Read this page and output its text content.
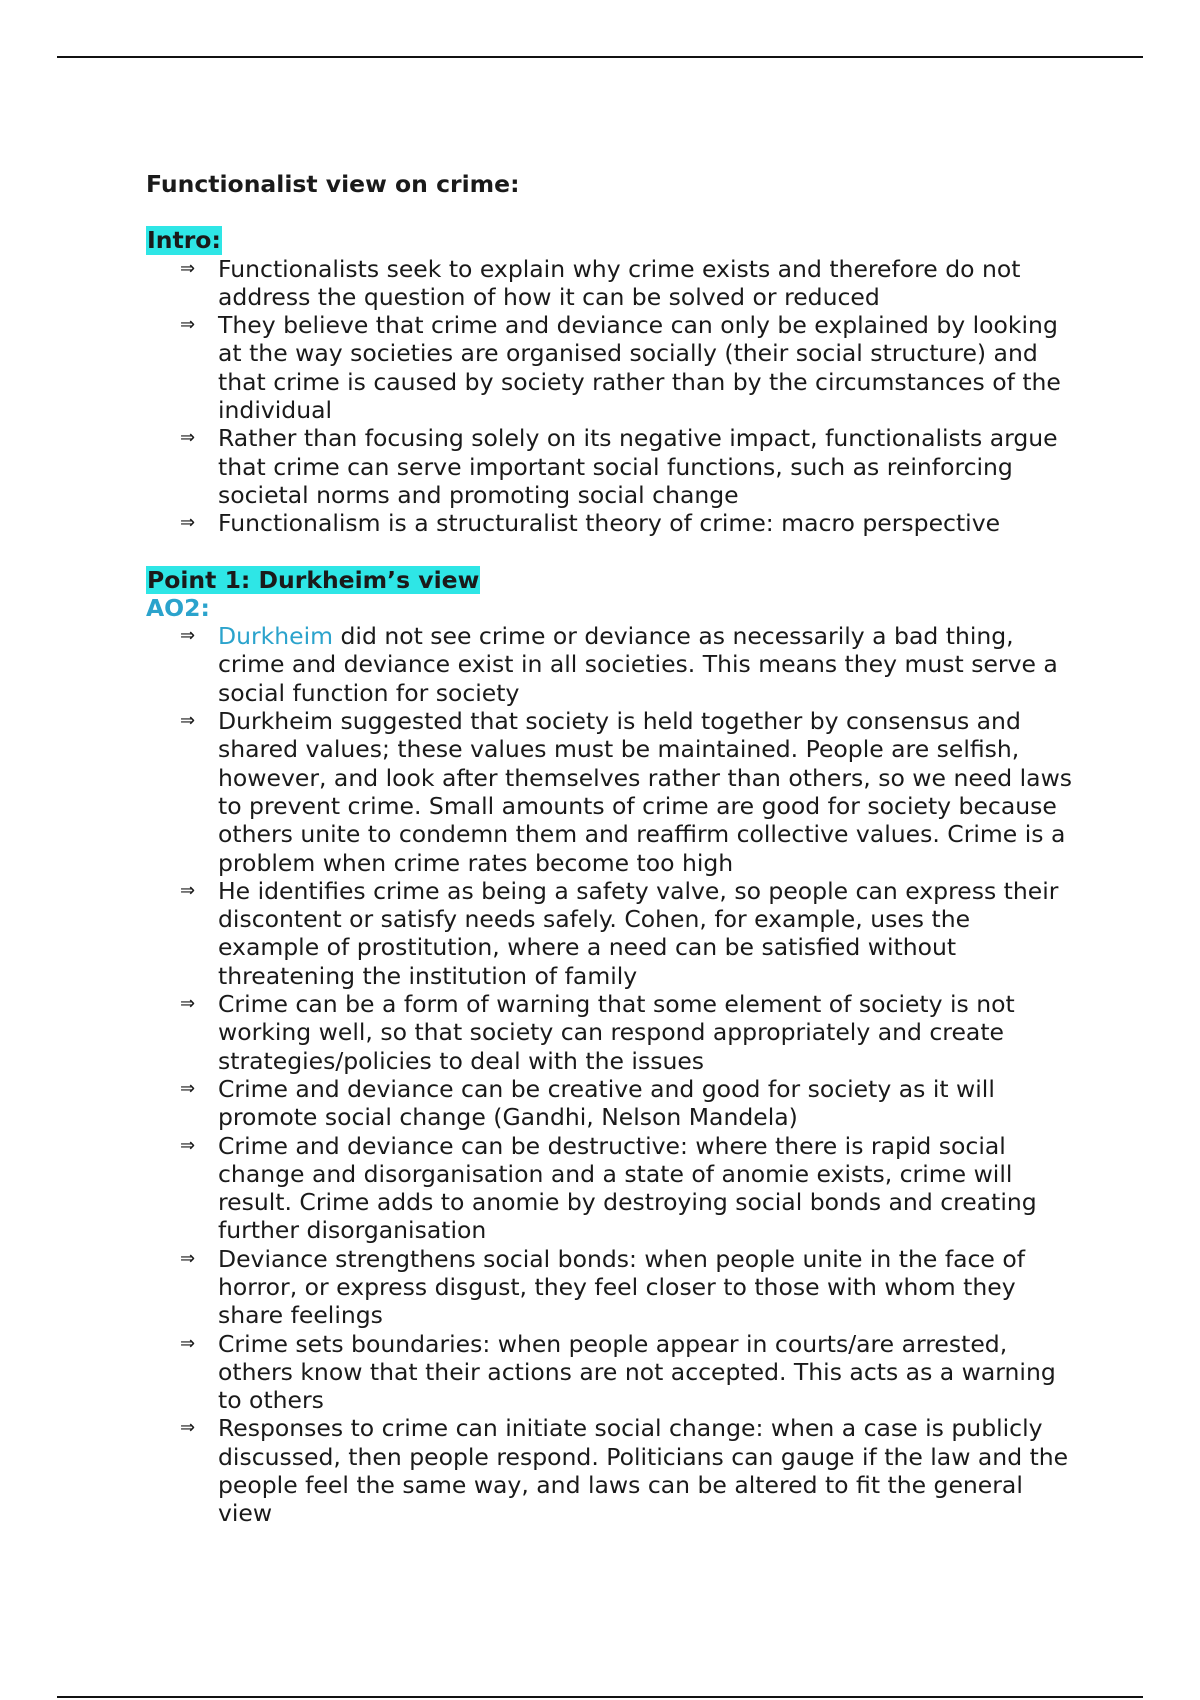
Functionalist view on crime:
Intro:
⇒ Functionalists seek to explain why crime exists and therefore do not address the question of how it can be solved or reduced
⇒ They believe that crime and deviance can only be explained by looking at the way societies are organised socially (their social structure) and that crime is caused by society rather than by the circumstances of the individual
⇒ Rather than focusing solely on its negative impact, functionalists argue that crime can serve important social functions, such as reinforcing societal norms and promoting social change
⇒ Functionalism is a structuralist theory of crime: macro perspective
Point 1: Durkheim’s view
AO2:
⇒ Durkheim did not see crime or deviance as necessarily a bad thing, crime and deviance exist in all societies. This means they must serve a social function for society
⇒ Durkheim suggested that society is held together by consensus and shared values; these values must be maintained. People are selfish, however, and look after themselves rather than others, so we need laws to prevent crime. Small amounts of crime are good for society because others unite to condemn them and reaffirm collective values. Crime is a problem when crime rates become too high
⇒ He identifies crime as being a safety valve, so people can express their discontent or satisfy needs safely. Cohen, for example, uses the example of prostitution, where a need can be satisfied without threatening the institution of family
⇒ Crime can be a form of warning that some element of society is not working well, so that society can respond appropriately and create strategies/policies to deal with the issues
⇒ Crime and deviance can be creative and good for society as it will promote social change (Gandhi, Nelson Mandela)
⇒ Crime and deviance can be destructive: where there is rapid social change and disorganisation and a state of anomie exists, crime will result. Crime adds to anomie by destroying social bonds and creating further disorganisation
⇒ Deviance strengthens social bonds: when people unite in the face of horror, or express disgust, they feel closer to those with whom they share feelings
⇒ Crime sets boundaries: when people appear in courts/are arrested, others know that their actions are not accepted. This acts as a warning to others
⇒ Responses to crime can initiate social change: when a case is publicly discussed, then people respond. Politicians can gauge if the law and the people feel the same way, and laws can be altered to fit the general view
